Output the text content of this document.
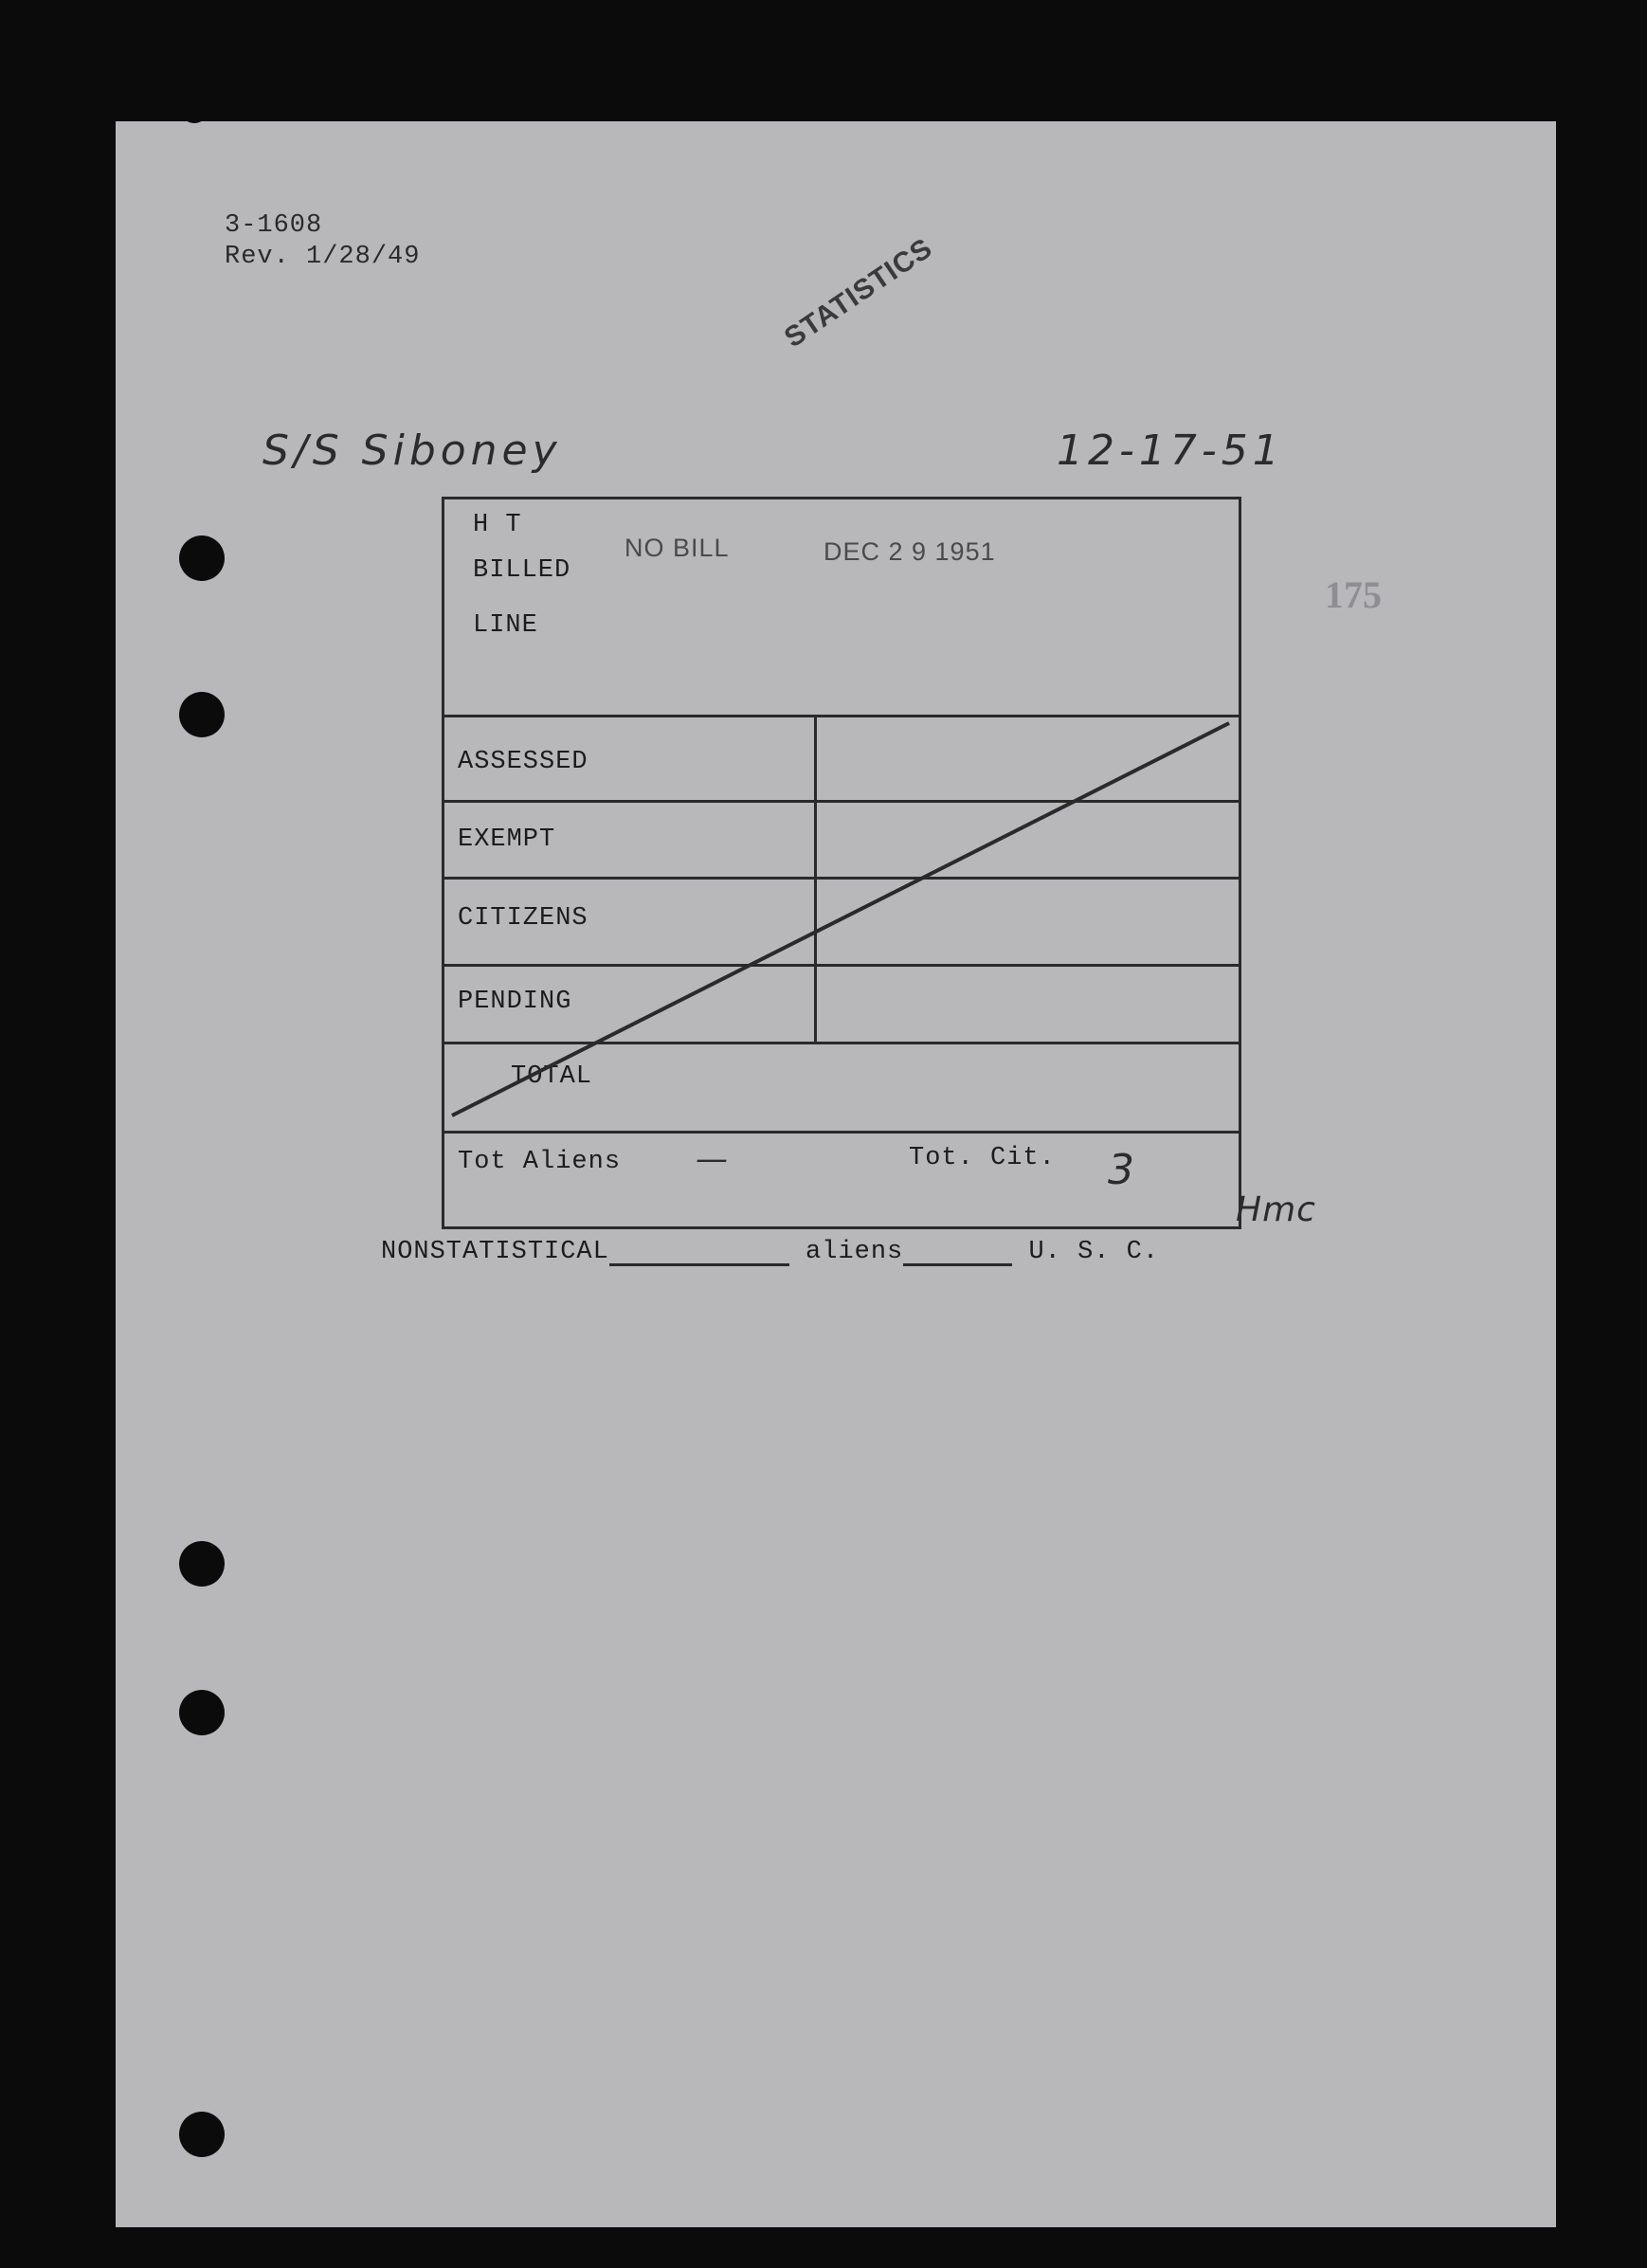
3-1608
Rev. 1/28/49	STATISTICS
S/S Siboney	12-17-51
175
H T
BILLED
LINE
NO BILL	DEC 2 9 1951
ASSESSED
EXEMPT
CITIZENS
PENDING
TOTAL
Tot Aliens —	Tot. Cit. 3
Hmc
NONSTATISTICAL	aliens	U. S. C.
